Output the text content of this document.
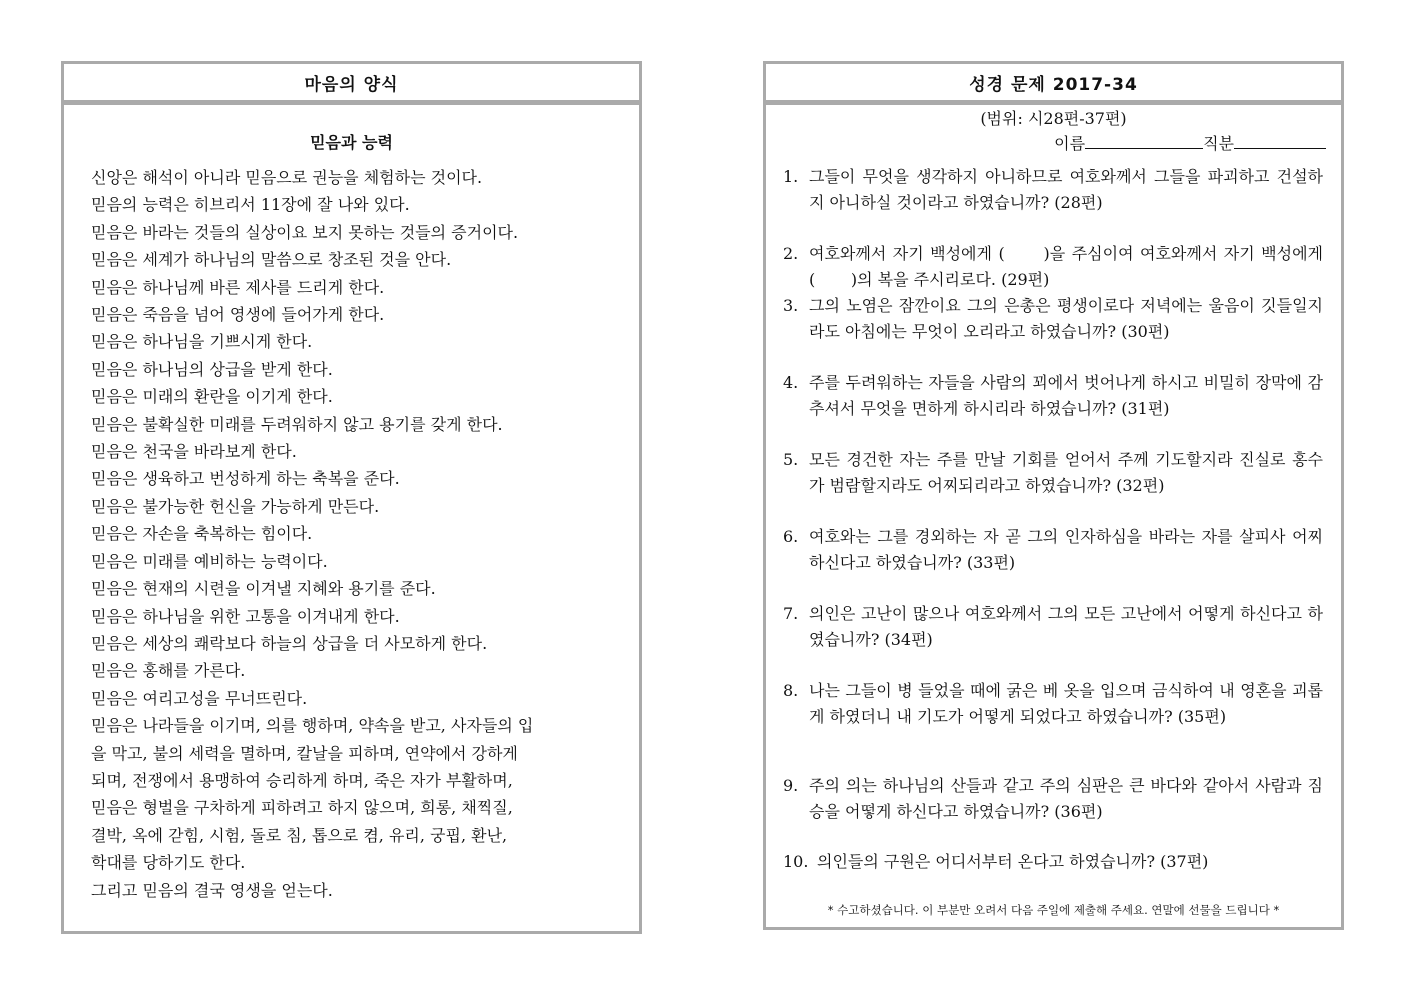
마음의 양식
믿음과 능력
신앙은 해석이 아니라 믿음으로 권능을 체험하는 것이다.
믿음의 능력은 히브리서 11장에 잘 나와 있다.
믿음은 바라는 것들의 실상이요 보지 못하는 것들의 증거이다.
믿음은 세계가 하나님의 말씀으로 창조된 것을 안다.
믿음은 하나님께 바른 제사를 드리게 한다.
믿음은 죽음을 넘어 영생에 들어가게 한다.
믿음은 하나님을 기쁘시게 한다.
믿음은 하나님의 상급을 받게 한다.
믿음은 미래의 환란을 이기게 한다.
믿음은 불확실한 미래를 두려워하지 않고 용기를 갖게 한다.
믿음은 천국을 바라보게 한다.
믿음은 생육하고 번성하게 하는 축복을 준다.
믿음은 불가능한 헌신을 가능하게 만든다.
믿음은 자손을 축복하는 힘이다.
믿음은 미래를 예비하는 능력이다.
믿음은 현재의 시련을 이겨낼 지혜와 용기를 준다.
믿음은 하나님을 위한 고통을 이겨내게 한다.
믿음은 세상의 쾌락보다 하늘의 상급을 더 사모하게 한다.
믿음은 홍해를 가른다.
믿음은 여리고성을 무너뜨린다.
믿음은 나라들을 이기며, 의를 행하며, 약속을 받고, 사자들의 입
을 막고, 불의 세력을 멸하며, 칼날을 피하며, 연약에서 강하게
되며, 전쟁에서 용맹하여 승리하게 하며, 죽은 자가 부활하며,
믿음은 형벌을 구차하게 피하려고 하지 않으며, 희롱, 채찍질,
결박, 옥에 갇힘, 시험, 돌로 침, 톱으로 켬, 유리, 궁핍, 환난,
학대를 당하기도 한다.
그리고 믿음의 결국 영생을 얻는다.
성경 문제 2017-34
(범위: 시28편-37편)
이름	직분
1. 그들이 무엇을 생각하지 아니하므로 여호와께서 그들을 파괴하고 건설하지 아니하실 것이라고 하였습니까? (28편)
2. 여호와께서 자기 백성에게 (      )을 주심이여 여호와께서 자기 백성에게 (       )의 복을 주시리로다. (29편)
3. 그의 노염은 잠깐이요 그의 은총은 평생이로다 저녁에는 울음이 깃들일지라도 아침에는 무엇이 오리라고 하였습니까? (30편)
4. 주를 두려워하는 자들을 사람의 꾀에서 벗어나게 하시고 비밀히 장막에 감추셔서 무엇을 면하게 하시리라 하였습니까? (31편)
5. 모든 경건한 자는 주를 만날 기회를 얻어서 주께 기도할지라 진실로 홍수가 범람할지라도 어찌되리라고 하였습니까? (32편)
6. 여호와는 그를 경외하는 자 곧 그의 인자하심을 바라는 자를 살피사 어찌하신다고 하였습니까? (33편)
7. 의인은 고난이 많으나 여호와께서 그의 모든 고난에서 어떻게 하신다고 하였습니까? (34편)
8. 나는 그들이 병 들었을 때에 굵은 베 옷을 입으며 금식하여 내 영혼을 괴롭게 하였더니 내 기도가 어떻게 되었다고 하였습니까? (35편)
9. 주의 의는 하나님의 산들과 같고 주의 심판은 큰 바다와 같아서 사람과 짐승을 어떻게 하신다고 하였습니까? (36편)
10. 의인들의 구원은 어디서부터 온다고 하였습니까? (37편)
* 수고하셨습니다. 이 부분만 오려서 다음 주일에 제출해 주세요. 연말에 선물을 드립니다 *
